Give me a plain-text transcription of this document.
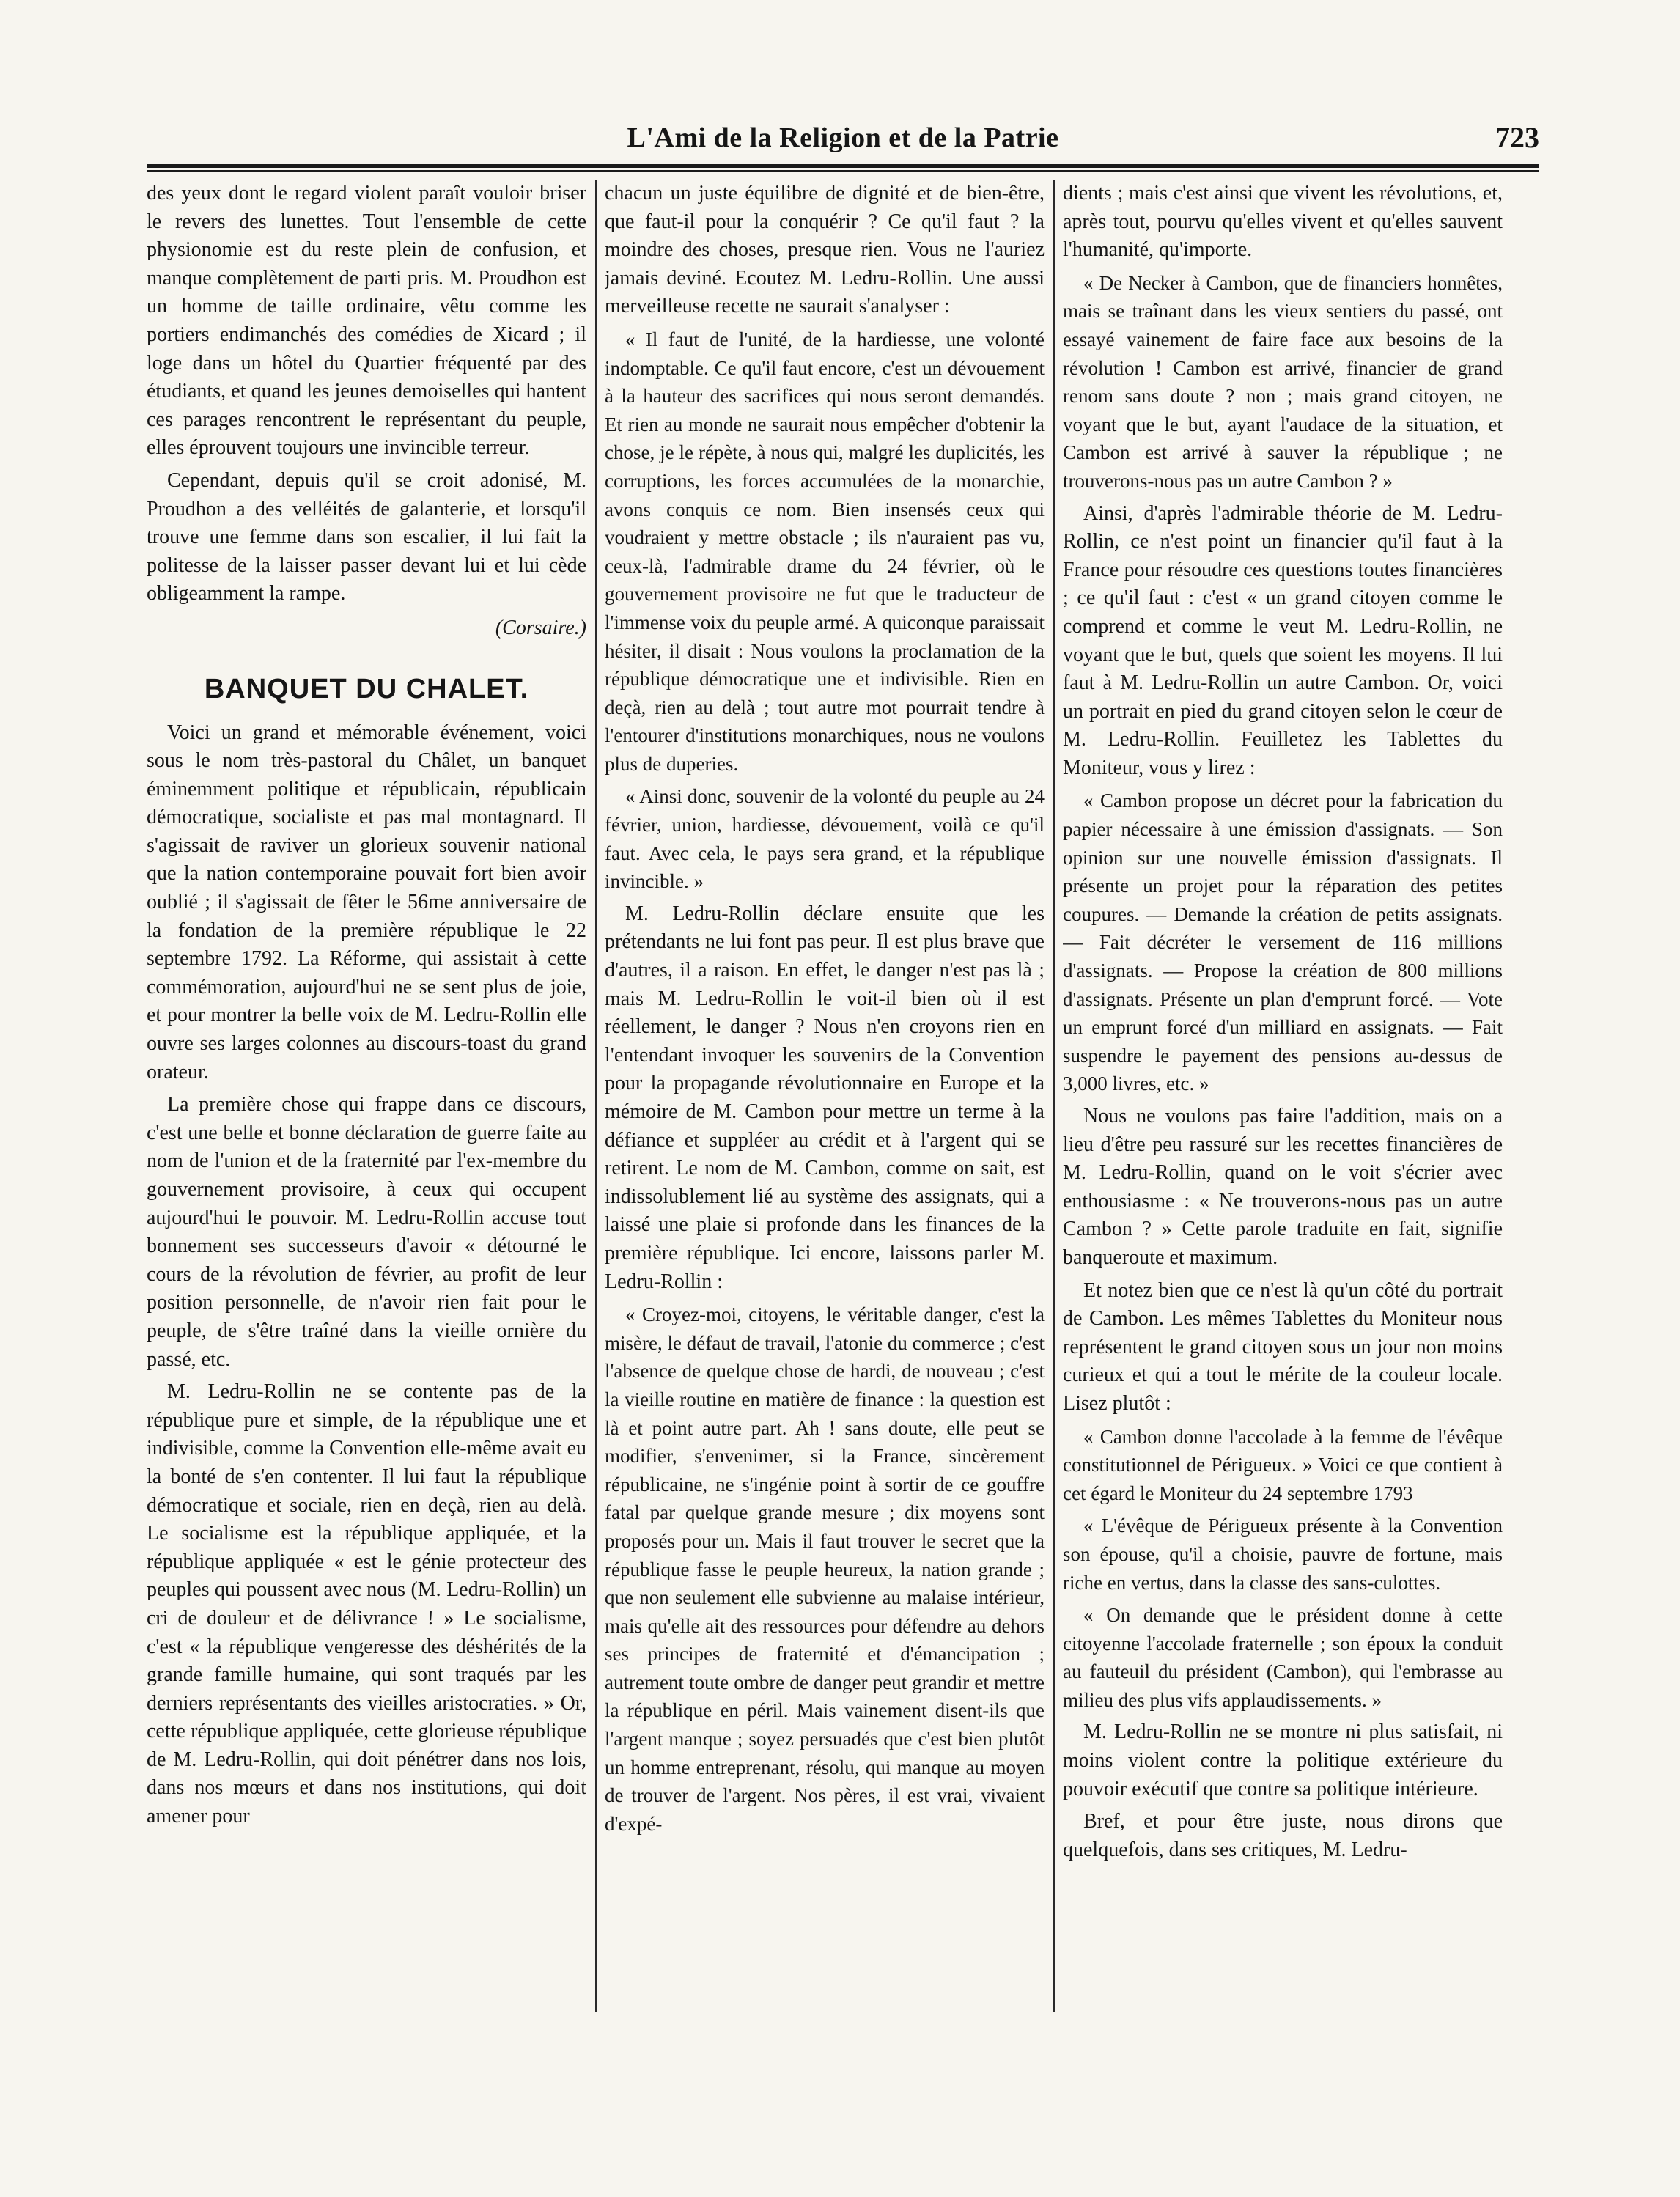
L'Ami de la Religion et de la Patrie	723

des yeux dont le regard violent paraît vouloir briser le revers des lunettes. Tout l'ensemble de cette physionomie est du reste plein de confusion, et manque complètement de parti pris. M. Proudhon est un homme de taille ordinaire, vêtu comme les portiers endimanchés des comédies de Xicard ; il loge dans un hôtel du Quartier fréquenté par des étudiants, et quand les jeunes demoiselles qui hantent ces parages rencontrent le représentant du peuple, elles éprouvent toujours une invincible terreur.

Cependant, depuis qu'il se croit adonisé, M. Proudhon a des velléités de galanterie, et lorsqu'il trouve une femme dans son escalier, il lui fait la politesse de la laisser passer devant lui et lui cède obligeamment la rampe.

(Corsaire.)

BANQUET DU CHALET.

Voici un grand et mémorable événement, voici sous le nom très-pastoral du Châlet, un banquet éminemment politique et républicain, républicain démocratique, socialiste et pas mal montagnard. Il s'agissait de raviver un glorieux souvenir national que la nation contemporaine pouvait fort bien avoir oublié ; il s'agissait de fêter le 56me anniversaire de la fondation de la première république le 22 septembre 1792. La Réforme, qui assistait à cette commémoration, aujourd'hui ne se sent plus de joie, et pour montrer la belle voix de M. Ledru-Rollin elle ouvre ses larges colonnes au discours-toast du grand orateur.

La première chose qui frappe dans ce discours, c'est une belle et bonne déclaration de guerre faite au nom de l'union et de la fraternité par l'ex-membre du gouvernement provisoire, à ceux qui occupent aujourd'hui le pouvoir. M. Ledru-Rollin accuse tout bonnement ses successeurs d'avoir « détourné le cours de la révolution de février, au profit de leur position personnelle, de n'avoir rien fait pour le peuple, de s'être traîné dans la vieille ornière du passé, etc.

M. Ledru-Rollin ne se contente pas de la république pure et simple, de la république une et indivisible, comme la Convention elle-même avait eu la bonté de s'en contenter. Il lui faut la république démocratique et sociale, rien en deçà, rien au delà. Le socialisme est la république appliquée, et la république appliquée « est le génie protecteur des peuples qui poussent avec nous (M. Ledru-Rollin) un cri de douleur et de délivrance ! » Le socialisme, c'est « la république vengeresse des déshérités de la grande famille humaine, qui sont traqués par les derniers représentants des vieilles aristocraties. » Or, cette république appliquée, cette glorieuse république de M. Ledru-Rollin, qui doit pénétrer dans nos lois, dans nos mœurs et dans nos institutions, qui doit amener pour

chacun un juste équilibre de dignité et de bien-être, que faut-il pour la conquérir ? Ce qu'il faut ? la moindre des choses, presque rien. Vous ne l'auriez jamais deviné. Ecoutez M. Ledru-Rollin. Une aussi merveilleuse recette ne saurait s'analyser :

« Il faut de l'unité, de la hardiesse, une volonté indomptable. Ce qu'il faut encore, c'est un dévouement à la hauteur des sacrifices qui nous seront demandés. Et rien au monde ne saurait nous empêcher d'obtenir la chose, je le répète, à nous qui, malgré les duplicités, les corruptions, les forces accumulées de la monarchie, avons conquis ce nom. Bien insensés ceux qui voudraient y mettre obstacle ; ils n'auraient pas vu, ceux-là, l'admirable drame du 24 février, où le gouvernement provisoire ne fut que le traducteur de l'immense voix du peuple armé. A quiconque paraissait hésiter, il disait : Nous voulons la proclamation de la république démocratique une et indivisible. Rien en deçà, rien au delà ; tout autre mot pourrait tendre à l'entourer d'institutions monarchiques, nous ne voulons plus de duperies.

« Ainsi donc, souvenir de la volonté du peuple au 24 février, union, hardiesse, dévouement, voilà ce qu'il faut. Avec cela, le pays sera grand, et la république invincible. »

M. Ledru-Rollin déclare ensuite que les prétendants ne lui font pas peur. Il est plus brave que d'autres, il a raison. En effet, le danger n'est pas là ; mais M. Ledru-Rollin le voit-il bien où il est réellement, le danger ? Nous n'en croyons rien en l'entendant invoquer les souvenirs de la Convention pour la propagande révolutionnaire en Europe et la mémoire de M. Cambon pour mettre un terme à la défiance et suppléer au crédit et à l'argent qui se retirent. Le nom de M. Cambon, comme on sait, est indissolublement lié au système des assignats, qui a laissé une plaie si profonde dans les finances de la première république. Ici encore, laissons parler M. Ledru-Rollin :

« Croyez-moi, citoyens, le véritable danger, c'est la misère, le défaut de travail, l'atonie du commerce ; c'est l'absence de quelque chose de hardi, de nouveau ; c'est la vieille routine en matière de finance : la question est là et point autre part. Ah ! sans doute, elle peut se modifier, s'envenimer, si la France, sincèrement républicaine, ne s'ingénie point à sortir de ce gouffre fatal par quelque grande mesure ; dix moyens sont proposés pour un. Mais il faut trouver le secret que la république fasse le peuple heureux, la nation grande ; que non seulement elle subvienne au malaise intérieur, mais qu'elle ait des ressources pour défendre au dehors ses principes de fraternité et d'émancipation ; autrement toute ombre de danger peut grandir et mettre la république en péril. Mais vainement disent-ils que l'argent manque ; soyez persuadés que c'est bien plutôt un homme entreprenant, résolu, qui manque au moyen de trouver de l'argent. Nos pères, il est vrai, vivaient d'expé-

dients ; mais c'est ainsi que vivent les révolutions, et, après tout, pourvu qu'elles vivent et qu'elles sauvent l'humanité, qu'importe.

« De Necker à Cambon, que de financiers honnêtes, mais se traînant dans les vieux sentiers du passé, ont essayé vainement de faire face aux besoins de la révolution ! Cambon est arrivé, financier de grand renom sans doute ? non ; mais grand citoyen, ne voyant que le but, ayant l'audace de la situation, et Cambon est arrivé à sauver la république ; ne trouverons-nous pas un autre Cambon ? »

Ainsi, d'après l'admirable théorie de M. Ledru-Rollin, ce n'est point un financier qu'il faut à la France pour résoudre ces questions toutes financières ; ce qu'il faut : c'est « un grand citoyen comme le comprend et comme le veut M. Ledru-Rollin, ne voyant que le but, quels que soient les moyens. Il lui faut à M. Ledru-Rollin un autre Cambon. Or, voici un portrait en pied du grand citoyen selon le cœur de M. Ledru-Rollin. Feuilletez les Tablettes du Moniteur, vous y lirez :

« Cambon propose un décret pour la fabrication du papier nécessaire à une émission d'assignats. — Son opinion sur une nouvelle émission d'assignats. Il présente un projet pour la réparation des petites coupures. — Demande la création de petits assignats. — Fait décréter le versement de 116 millions d'assignats. — Propose la création de 800 millions d'assignats. Présente un plan d'emprunt forcé. — Vote un emprunt forcé d'un milliard en assignats. — Fait suspendre le payement des pensions au-dessus de 3,000 livres, etc. »

Nous ne voulons pas faire l'addition, mais on a lieu d'être peu rassuré sur les recettes financières de M. Ledru-Rollin, quand on le voit s'écrier avec enthousiasme : « Ne trouverons-nous pas un autre Cambon ? » Cette parole traduite en fait, signifie banqueroute et maximum.

Et notez bien que ce n'est là qu'un côté du portrait de Cambon. Les mêmes Tablettes du Moniteur nous représentent le grand citoyen sous un jour non moins curieux et qui a tout le mérite de la couleur locale. Lisez plutôt :

« Cambon donne l'accolade à la femme de l'évêque constitutionnel de Périgueux. » Voici ce que contient à cet égard le Moniteur du 24 septembre 1793

« L'évêque de Périgueux présente à la Convention son épouse, qu'il a choisie, pauvre de fortune, mais riche en vertus, dans la classe des sans-culottes.

« On demande que le président donne à cette citoyenne l'accolade fraternelle ; son époux la conduit au fauteuil du président (Cambon), qui l'embrasse au milieu des plus vifs applaudissements. »

M. Ledru-Rollin ne se montre ni plus satisfait, ni moins violent contre la politique extérieure du pouvoir exécutif que contre sa politique intérieure.

Bref, et pour être juste, nous dirons que quelquefois, dans ses critiques, M. Ledru-
